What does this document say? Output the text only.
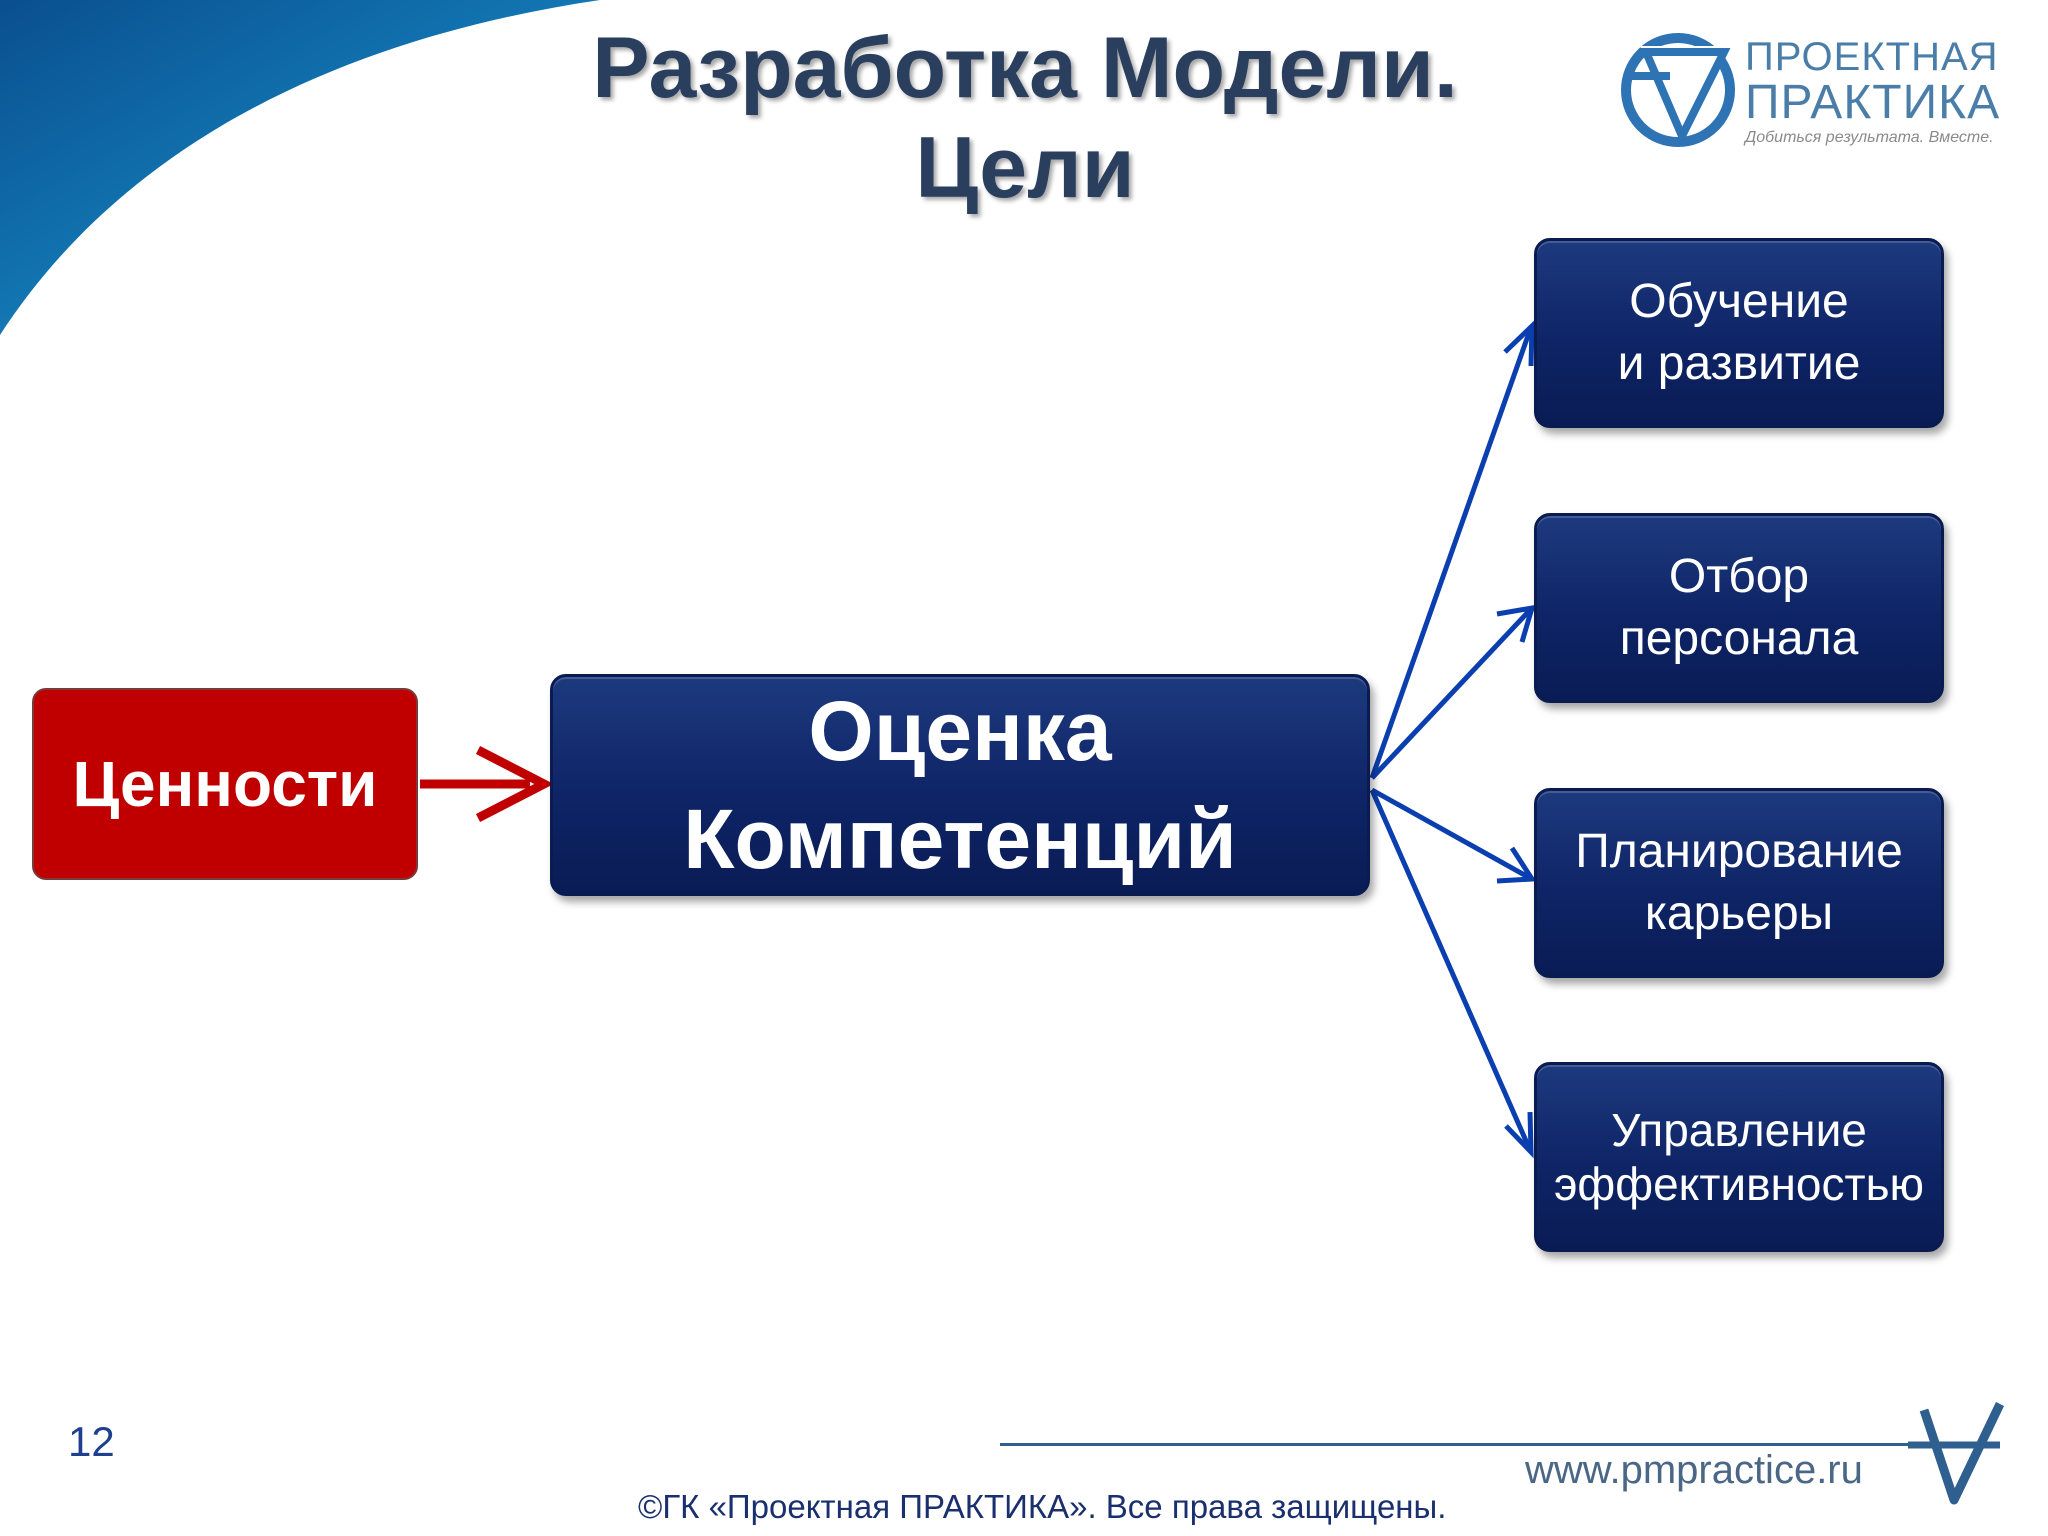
Разработка Модели.
Цели
ПРОЕКТНАЯ
ПРАКТИКА
Добиться результата. Вместе.
Ценности
Оценка
Компетенций
Обучение
и развитие
Отбор
персонала
Планирование
карьеры
Управление
эффективностью
12
www.pmpractice.ru
©ГК «Проектная ПРАКТИКА». Все права защищены.
